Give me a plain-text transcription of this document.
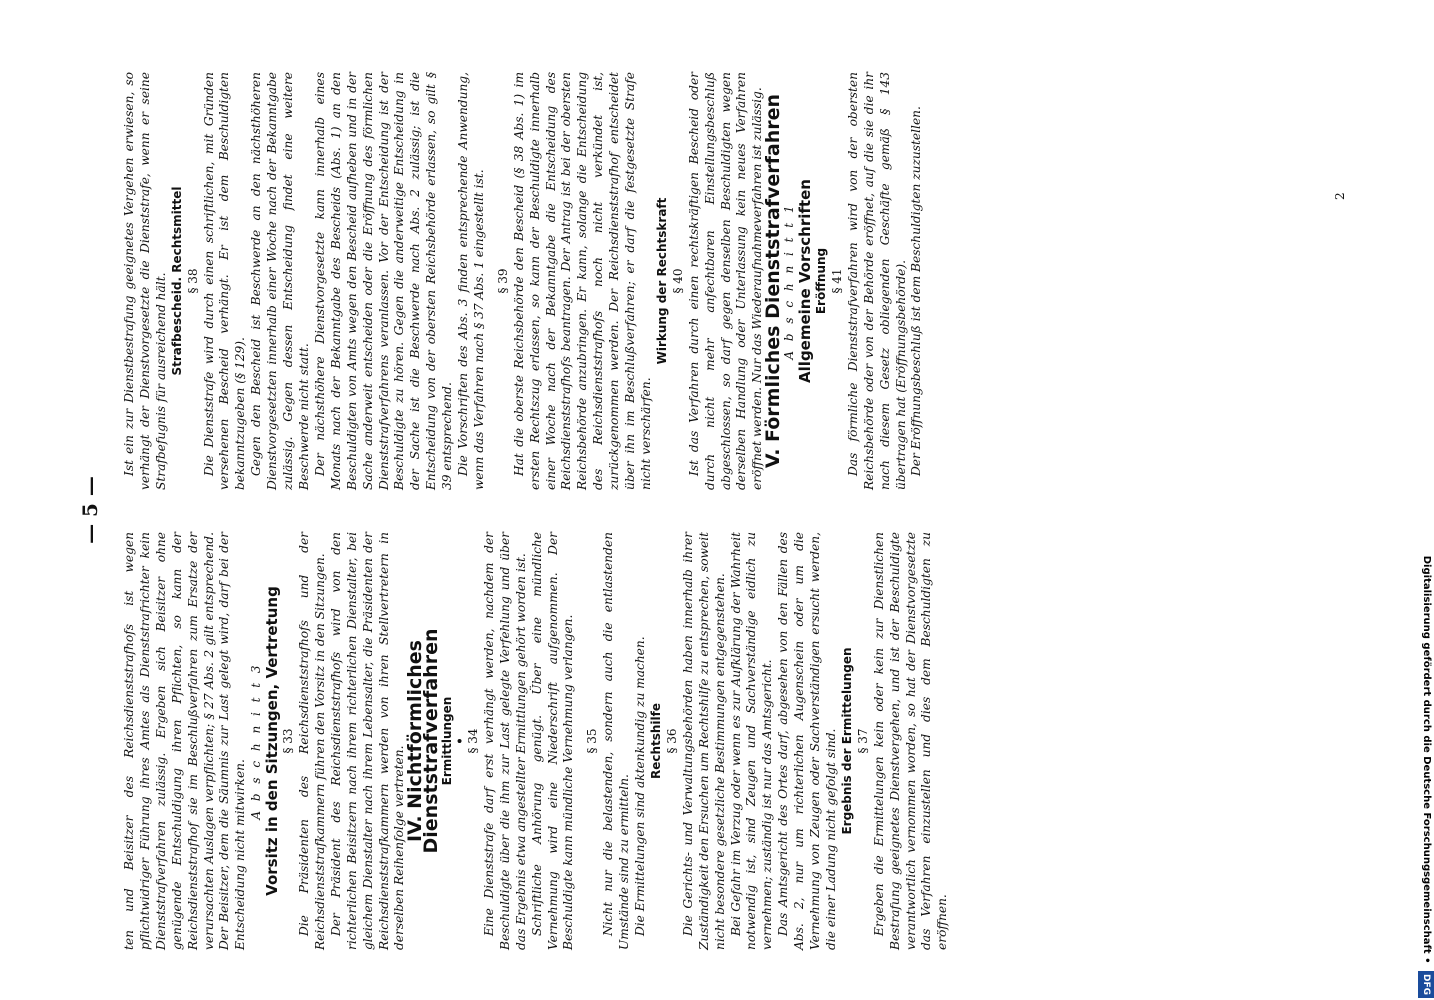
— 5 —

ten und Beisitzer des Reichsdienststrafhofs ist wegen pflichtwidriger Führung ihres Amtes als Dienststrafrichter kein Dienststrafverfahren zulässig. Ergeben sich Beisitzer ohne genügende Entschuldigung ihren Pflichten, so kann der Reichsdienststrafhof sie im Beschlußverfahren zum Ersatze der verursachten Auslagen verpflichten; § 27 Abs. 2 gilt entsprechend. Der Beisitzer, dem die Säumnis zur Last gelegt wird, darf bei der Entscheidung nicht mitwirken.

A b s c h n i t t 3 Vorsitz in den Sitzungen, Vertretung § 33 Die Präsidenten des Reichsdienststrafhofs und der Reichsdienststrafkammern führen den Vorsitz in den Sitzungen. Der Präsident des Reichsdienststrafhofs wird von den richterlichen Beisitzern nach ihrem richterlichen Dienstalter, bei gleichem Dienstalter nach ihrem Lebensalter, die Präsidenten der Reichsdienststrafkammern werden von ihren Stellvertretern in derselben Reihenfolge vertreten.

IV. Nichtförmliches Dienststrafverfahren

Ermittlungen

•

§ 34 Eine Dienststrafe darf erst verhängt werden, nachdem der Beschuldigte über die ihm zur Last gelegte Verfehlung und über das Ergebnis etwa angestellter Ermittlungen gehört worden ist. Schriftliche Anhörung genügt. Über eine mündliche Vernehmung wird eine Niederschrift aufgenommen. Der Beschuldigte kann mündliche Vernehmung verlangen. § 35 Nicht nur die belastenden, sondern auch die entlastenden Umstände sind zu ermitteln. Die Ermittelungen sind aktenkundig zu machen. Rechtshilfe § 36 Die Gerichts- und Verwaltungsbehörden haben innerhalb ihrer Zuständigkeit den Ersuchen um Rechtshilfe zu entsprechen, soweit nicht besondere gesetzliche Bestimmungen entgegenstehen. Bei Gefahr im Verzug oder wenn es zur Aufklärung der Wahrheit notwendig ist, sind Zeugen und Sachverständige eidlich zu vernehmen; zuständig ist nur das Amtsgericht. Das Amtsgericht des Ortes darf, abgesehen von den Fällen des Abs. 2, nur um richterlichen Augenschein oder um die Vernehmung von Zeugen oder Sachverständigen ersucht werden, die einer Ladung nicht gefolgt sind. Ergebnis der Ermittelungen § 37 Ergeben die Ermittelungen kein oder kein zur Dienstlichen Bestrafung geeignetes Dienstvergehen, und ist der Beschuldigte verantwortlich vernommen worden, so hat der Dienstvorgesetzte das Verfahren einzustellen und dies dem Beschuldigten zu eröffnen.

Ist ein zur Dienstbestrafung geeignetes Vergehen erwiesen, so verhängt der Dienstvorgesetzte die Dienststrafe, wenn er seine Strafbefugnis für ausreichend hält. Strafbescheid. Rechtsmittel § 38 Die Dienststrafe wird durch einen schriftlichen, mit Gründen versehenen Bescheid verhängt. Er ist dem Beschuldigten bekanntzugeben (§ 129). Gegen den Bescheid ist Beschwerde an den nächsthöheren Dienstvorgesetzten innerhalb einer Woche nach der Bekanntgabe zulässig. Gegen dessen Entscheidung findet eine weitere Beschwerde nicht statt. Der nächsthöhere Dienstvorgesetzte kann innerhalb eines Monats nach der Bekanntgabe des Bescheids (Abs. 1) an den Beschuldigten von Amts wegen den Bescheid aufheben und in der Sache anderweit entscheiden oder die Eröffnung des förmlichen Dienststrafverfahrens veranlassen. Vor der Entscheidung ist der Beschuldigte zu hören. Gegen die anderweitige Entscheidung in der Sache ist die Beschwerde nach Abs. 2 zulässig; ist die Entscheidung von der obersten Reichsbehörde erlassen, so gilt § 39 entsprechend. Die Vorschriften des Abs. 3 finden entsprechende Anwendung, wenn das Verfahren nach § 37 Abs. 1 eingestellt ist. § 39 Hat die oberste Reichsbehörde den Bescheid (§ 38 Abs. 1) im ersten Rechtszug erlassen, so kann der Beschuldigte innerhalb einer Woche nach der Bekanntgabe die Entscheidung des Reichsdienststrafhofs beantragen. Der Antrag ist bei der obersten Reichsbehörde anzubringen. Er kann, solange die Entscheidung des Reichsdienststrafhofs noch nicht verkündet ist, zurückgenommen werden. Der Reichsdienststrafhof entscheidet über ihn im Beschlußverfahren; er darf die festgesetzte Strafe nicht verschärfen.

Wirkung der Rechtskraft § 40 Ist das Verfahren durch einen rechtskräftigen Bescheid oder durch nicht mehr anfechtbaren Einstellungsbeschluß abgeschlossen, so darf gegen denselben Beschuldigten wegen derselben Handlung oder Unterlassung kein neues Verfahren eröffnet werden. Nur das Wiederaufnahmeverfahren ist zulässig.

V. Förmliches Dienststrafverfahren

A b s c h n i t t 1 Allgemeine Vorschriften Eröffnung § 41 Das förmliche Dienststrafverfahren wird von der obersten Reichsbehörde oder von der Behörde eröffnet, auf die sie die ihr nach diesem Gesetz obliegenden Geschäfte gemäß § 143 übertragen hat (Eröffnungsbehörde). Der Eröffnungsbeschluß ist dem Beschuldigten zuzustellen.	2
Digitalisierung gefördert durch die Deutsche Forschungsgemeinschaft • DFG
